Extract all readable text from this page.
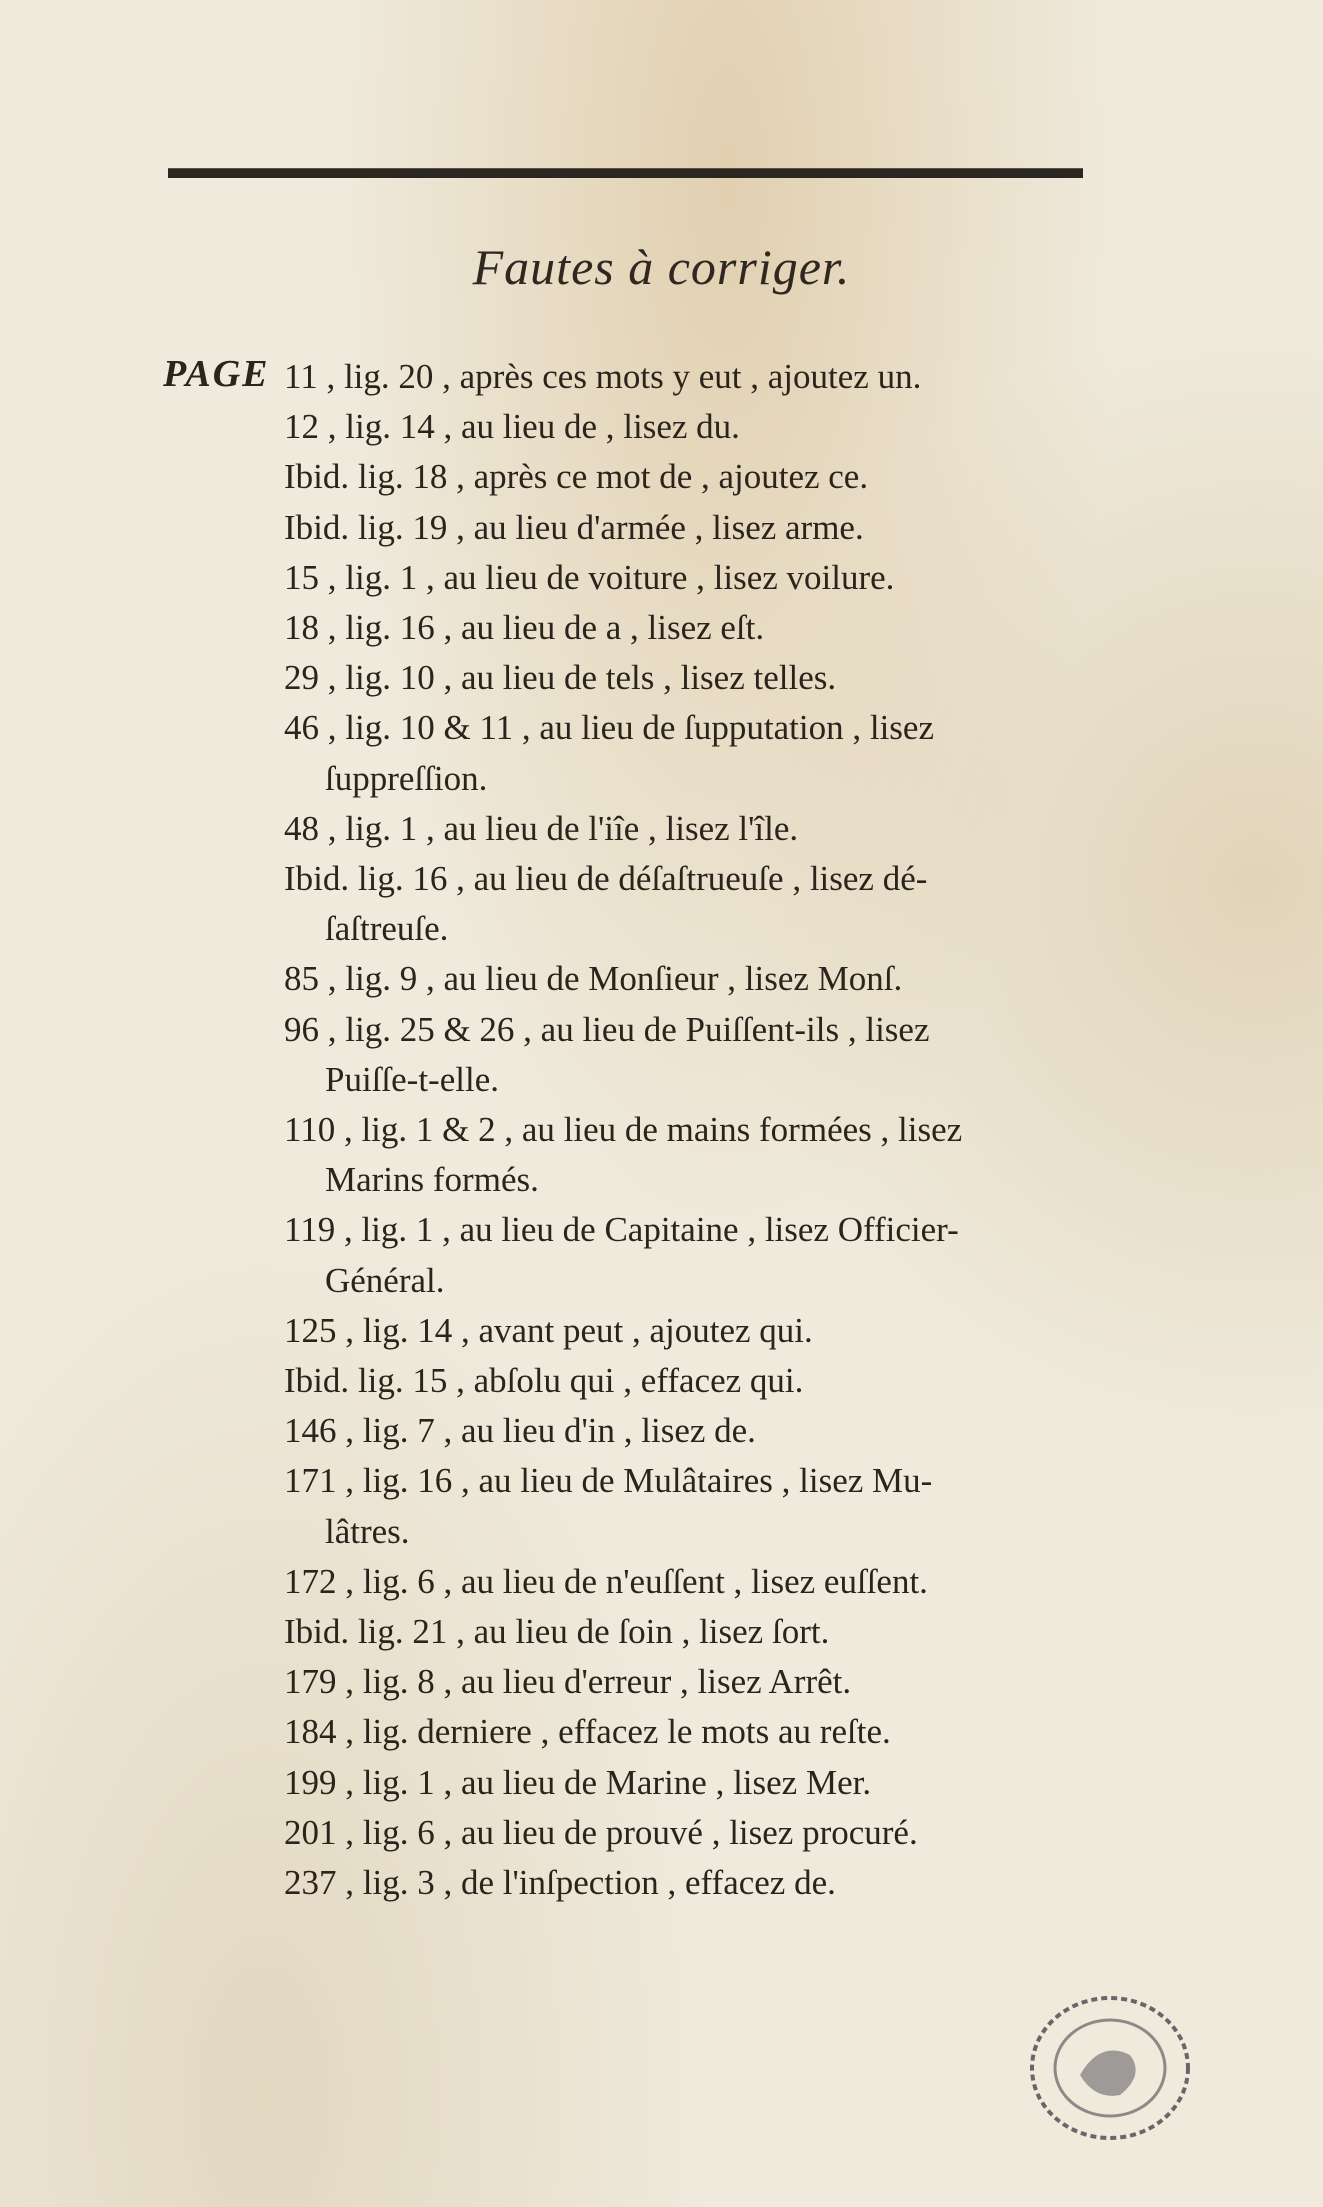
Fautes à corriger.
PAGE 11 , lig. 20 , après ces mots y eut , ajoutez un.
12 , lig. 14 , au lieu de , lisez du.
Ibid. lig. 18 , après ce mot de , ajoutez ce.
Ibid. lig. 19 , au lieu d'armée , lisez arme.
15 , lig. 1 , au lieu de voiture , lisez voilure.
18 , lig. 16 , au lieu de a , lisez eſt.
29 , lig. 10 , au lieu de tels , lisez telles.
46 , lig. 10 & 11 , au lieu de ſupputation , lisez
ſuppreſſion.
48 , lig. 1 , au lieu de l'iîe , lisez l'île.
Ibid. lig. 16 , au lieu de déſaſtrueuſe , lisez dé-
ſaſtreuſe.
85 , lig. 9 , au lieu de Monſieur , lisez Monſ.
96 , lig. 25 & 26 , au lieu de Puiſſent-ils , lisez
Puiſſe-t-elle.
110 , lig. 1 & 2 , au lieu de mains formées , lisez
Marins formés.
119 , lig. 1 , au lieu de Capitaine , lisez Officier-
Général.
125 , lig. 14 , avant peut , ajoutez qui.
Ibid. lig. 15 , abſolu qui , effacez qui.
146 , lig. 7 , au lieu d'in , lisez de.
171 , lig. 16 , au lieu de Mulâtaires , lisez Mu-
lâtres.
172 , lig. 6 , au lieu de n'euſſent , lisez euſſent.
Ibid. lig. 21 , au lieu de ſoin , lisez ſort.
179 , lig. 8 , au lieu d'erreur , lisez Arrêt.
184 , lig. derniere , effacez le mots au reſte.
199 , lig. 1 , au lieu de Marine , lisez Mer.
201 , lig. 6 , au lieu de prouvé , lisez procuré.
237 , lig. 3 , de l'inſpection , effacez de.
